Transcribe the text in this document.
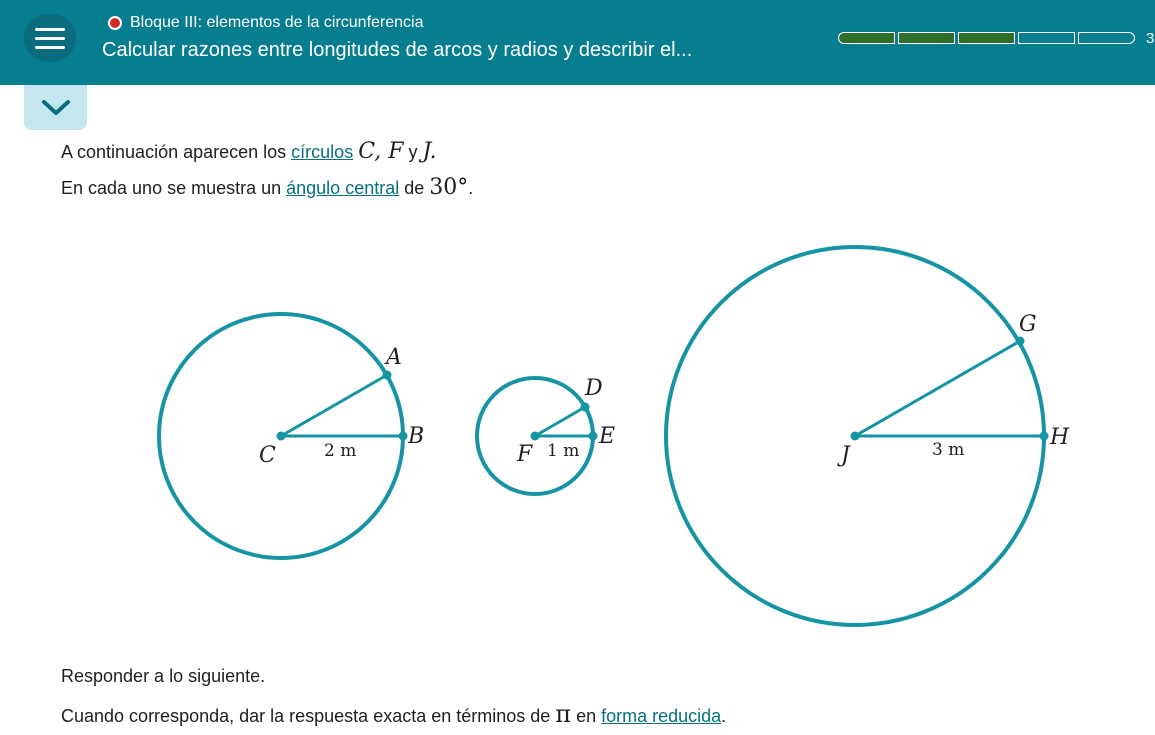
Bloque III: elementos de la circunferencia
Calcular razones entre longitudes de arcos y radios y describir el...
3
A continuación aparecen los círculos C, F y J.
En cada uno se muestra un ángulo central de 30°.
C
B
A
2 m	F
E
D
1 m	J
H
G
3 m
Responder a lo siguiente.
Cuando corresponda, dar la respuesta exacta en términos de π en forma reducida.
